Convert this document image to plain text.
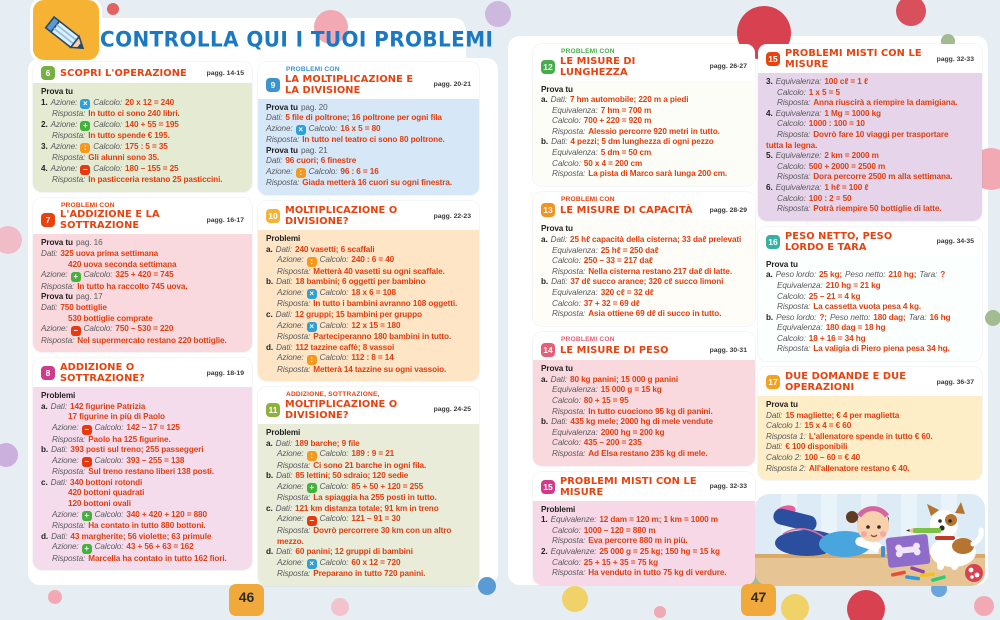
CONTROLLA QUI I TUOI PROBLEMI
6 SCOPRI L'OPERAZIONE	pagg. 14-15
Prova tu
1. Azione: × Calcolo: 20 x 12 = 240
Risposta: In tutto ci sono 240 libri.
2. Azione: + Calcolo: 140 + 55 = 195
Risposta: In tutto spende € 195.
3. Azione: : Calcolo: 175 : 5 = 35
Risposta: Gli alunni sono 35.
4. Azione: − Calcolo: 180 – 155 = 25
Risposta: In pasticceria restano 25 pasticcini.
PROBLEMI CON
7 L'ADDIZIONE E LA SOTTRAZIONE	pagg. 16-17
Prova tu pag. 16
Dati: 325 uova prima settimana
420 uova seconda settimana
Azione: + Calcolo: 325 + 420 = 745
Risposta: In tutto ha raccolto 745 uova.
Prova tu pag. 17
Dati: 750 bottiglie
530 bottiglie comprate
Azione: − Calcolo: 750 – 530 = 220
Risposta: Nel supermercato restano 220 bottiglie.
8 ADDIZIONE O SOTTRAZIONE?	pagg. 18-19
Problemi
a. Dati: 142 figurine Patrizia
17 figurine in più di Paolo
Azione: − Calcolo: 142 – 17 = 125
Risposta: Paolo ha 125 figurine.
b. Dati: 393 posti sul treno; 255 passeggeri
Azione: − Calcolo: 393 – 255 = 138
Risposta: Sul treno restano liberi 138 posti.
c. Dati: 340 bottoni rotondi
420 bottoni quadrati
120 bottoni ovali
Azione: + Calcolo: 340 + 420 + 120 = 880
Risposta: Ha contato in tutto 880 bottoni.
d. Dati: 43 margherite; 56 violette; 63 primule
Azione: + Calcolo: 43 + 56 + 63 = 162
Risposta: Marcella ha contato in tutto 162 fiori.
PROBLEMI CON
9 LA MOLTIPLICAZIONE E LA DIVISIONE	pagg. 20-21
Prova tu pag. 20
Dati: 5 file di poltrone; 16 poltrone per ogni fila
Azione: × Calcolo: 16 x 5 = 80
Risposta: In tutto nel teatro ci sono 80 poltrone.
Prova tu pag. 21
Dati: 96 cuori; 6 finestre
Azione: : Calcolo: 96 : 6 = 16
Risposta: Giada metterà 16 cuori su ogni finestra.
10 MOLTIPLICAZIONE O DIVISIONE?	pagg. 22-23
Problemi
a. Dati: 240 vasetti; 6 scaffali
Azione: : Calcolo: 240 : 6 = 40
Risposta: Metterà 40 vasetti su ogni scaffale.
b. Dati: 18 bambini; 6 oggetti per bambino
Azione: × Calcolo: 18 x 6 = 108
Risposta: In tutto i bambini avranno 108 oggetti.
c. Dati: 12 gruppi; 15 bambini per gruppo
Azione: × Calcolo: 12 x 15 = 180
Risposta: Parteciperanno 180 bambini in tutto.
d. Dati: 112 tazzine caffè; 8 vassoi
Azione: : Calcolo: 112 : 8 = 14
Risposta: Metterà 14 tazzine su ogni vassoio.
ADDIZIONE, SOTTRAZIONE,
11 MOLTIPLICAZIONE O DIVISIONE?	pagg. 24-25
Problemi
a. Dati: 189 barche; 9 file
Azione: : Calcolo: 189 : 9 = 21
Risposta: Ci sono 21 barche in ogni fila.
b. Dati: 85 lettini; 50 sdraio; 120 sedie
Azione: + Calcolo: 85 + 50 + 120 = 255
Risposta: La spiaggia ha 255 posti in tutto.
c. Dati: 121 km distanza totale; 91 km in treno
Azione: − Calcolo: 121 – 91 = 30
Risposta: Dovrò percorrere 30 km con un altro
mezzo.
d. Dati: 60 panini; 12 gruppi di bambini
Azione: × Calcolo: 60 x 12 = 720
Risposta: Preparano in tutto 720 panini.
PROBLEMI CON
12 LE MISURE DI LUNGHEZZA	pagg. 26-27
Prova tu
a. Dati: 7 hm automobile; 220 m a piedi
Equivalenza: 7 hm = 700 m
Calcolo: 700 + 220 = 920 m
Risposta: Alessio percorre 920 metri in tutto.
b. Dati: 4 pezzi; 5 dm lunghezza di ogni pezzo
Equivalenza: 5 dm = 50 cm
Calcolo: 50 x 4 = 200 cm
Risposta: La pista di Marco sarà lunga 200 cm.
PROBLEMI CON
13 LE MISURE DI CAPACITÀ pagg. 28-29
Prova tu
a. Dati: 25 hℓ capacità della cisterna; 33 daℓ prelevati
Equivalenza: 25 hℓ = 250 daℓ
Calcolo: 250 – 33 = 217 daℓ
Risposta: Nella cisterna restano 217 daℓ di latte.
b. Dati: 37 dℓ succo arance; 320 cℓ succo limoni
Equivalenza: 320 cℓ = 32 dℓ
Calcolo: 37 + 32 = 69 dℓ
Risposta: Asia ottiene 69 dℓ di succo in tutto.
PROBLEMI CON
14 LE MISURE DI PESO	pagg. 30-31
Prova tu
a. Dati: 80 kg panini; 15 000 g panini
Equivalenza: 15 000 g = 15 kg
Calcolo: 80 + 15 = 95
Risposta: In tutto cuociono 95 kg di panini.
b. Dati: 435 kg mele; 2000 hg di mele vendute
Equivalenza: 2000 hg = 200 kg
Calcolo: 435 – 200 = 235
Risposta: Ad Elsa restano 235 kg di mele.
15 PROBLEMI MISTI CON LE MISURE	pagg. 32-33
Problemi
1. Equivalenze: 12 dam = 120 m; 1 km = 1000 m
Calcolo: 1000 – 120 = 880 m
Risposta: Eva percorre 880 m in più.
2. Equivalenze: 25 000 g = 25 kg; 150 hg = 15 kg
Calcolo: 25 + 15 + 35 = 75 kg
Risposta: Ha venduto in tutto 75 kg di verdure.
15 PROBLEMI MISTI CON LE MISURE	pagg. 32-33
3. Equivalenza: 100 cℓ = 1 ℓ
Calcolo: 1 x 5 = 5
Risposta: Anna riuscirà a riempire la damigiana.
4. Equivalenza: 1 Mg = 1000 kg
Calcolo: 1000 : 100 = 10
Risposta: Dovrò fare 10 viaggi per trasportare
tutta la legna.
5. Equivalenze: 2 km = 2000 m
Calcolo: 500 + 2000 = 2500 m
Risposta: Dora percorre 2500 m alla settimana.
6. Equivalenza: 1 hℓ = 100 ℓ
Calcolo: 100 : 2 = 50
Risposta: Potrà riempire 50 bottiglie di latte.
16 PESO NETTO, PESO LORDO E TARA	pagg. 34-35
Prova tu
a. Peso lordo: 25 kg; Peso netto: 210 hg; Tara: ?
Equivalenza: 210 hg = 21 kg
Calcolo: 25 – 21 = 4 kg
Risposta: La cassetta vuota pesa 4 kg.
b. Peso lordo: ?; Peso netto: 180 dag; Tara: 16 hg
Equivalenza: 180 dag = 18 hg
Calcolo: 18 + 16 = 34 hg
Risposta: La valigia di Piero piena pesa 34 hg.
17 DUE DOMANDE E DUE OPERAZIONI	pagg. 36-37
Prova tu
Dati: 15 magliette; € 4 per maglietta
Calcolo 1: 15 x 4 = € 60
Risposta 1: L'allenatore spende in tutto € 60.
Dati: € 100 disponibili
Calcolo 2: 100 – 60 = € 40
Risposta 2: All'allenatore restano € 40.
46	47
